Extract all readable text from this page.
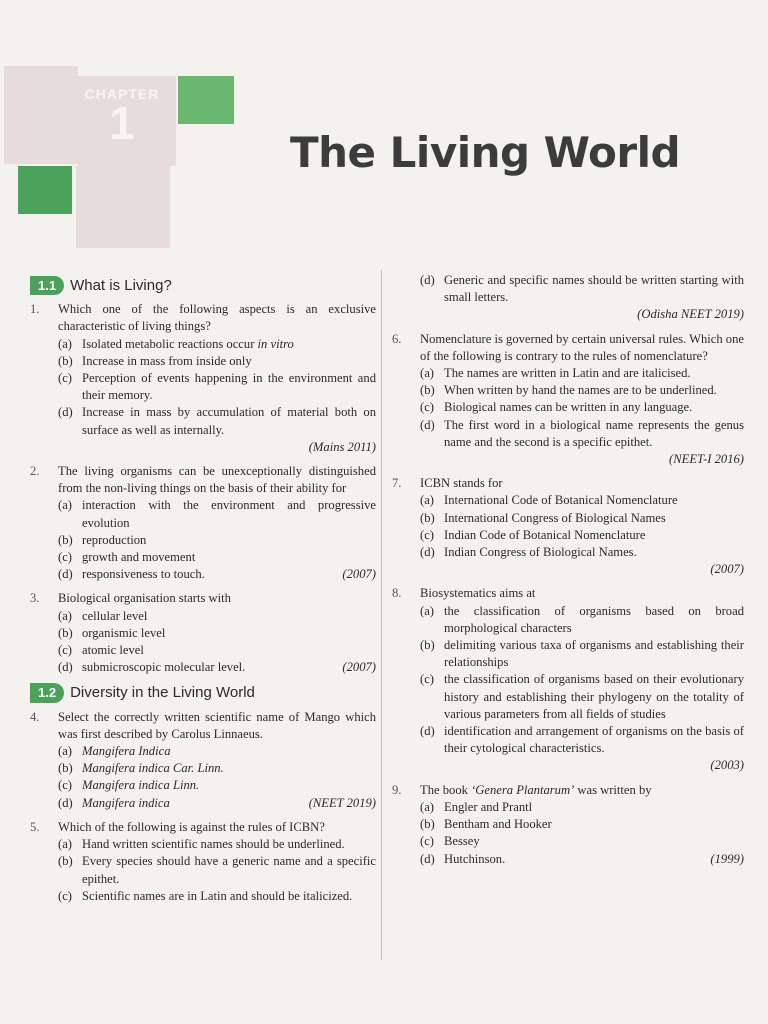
CHAPTER
1
The Living World
1.1 What is Living?
1.	Which one of the following aspects is an exclusive characteristic of living things?
(a) Isolated metabolic reactions occur in vitro
(b) Increase in mass from inside only
(c) Perception of events happening in the environment and their memory.
(d) Increase in mass by accumulation of material both on surface as well as internally.
(Mains 2011)
2.	The living organisms can be unexceptionally distinguished from the non-living things on the basis of their ability for
(a) interaction with the environment and progressive evolution
(b) reproduction
(c) growth and movement
(d) responsiveness to touch.	(2007)
3.	Biological organisation starts with
(a) cellular level
(b) organismic level
(c) atomic level
(d) submicroscopic molecular level.	(2007)
1.2 Diversity in the Living World
4.	Select the correctly written scientific name of Mango which was first described by Carolus Linnaeus.
(a) Mangifera Indica
(b) Mangifera indica Car. Linn.
(c) Mangifera indica Linn.
(d) Mangifera indica	(NEET 2019)
5.	Which of the following is against the rules of ICBN?
(a) Hand written scientific names should be underlined.
(b) Every species should have a generic name and a specific epithet.
(c) Scientific names are in Latin and should be italicized.
(d) Generic and specific names should be written starting with small letters.
(Odisha NEET 2019)
6.	Nomenclature is governed by certain universal rules. Which one of the following is contrary to the rules of nomenclature?
(a) The names are written in Latin and are italicised.
(b) When written by hand the names are to be underlined.
(c) Biological names can be written in any language.
(d) The first word in a biological name represents the genus name and the second is a specific epithet.
(NEET-I 2016)
7.	ICBN stands for
(a) International Code of Botanical Nomenclature
(b) International Congress of Biological Names
(c) Indian Code of Botanical Nomenclature
(d) Indian Congress of Biological Names.
(2007)
8.	Biosystematics aims at
(a) the classification of organisms based on broad morphological characters
(b) delimiting various taxa of organisms and establishing their relationships
(c) the classification of organisms based on their evolutionary history and establishing their phylogeny on the totality of various parameters from all fields of studies
(d) identification and arrangement of organisms on the basis of their cytological characteristics.
(2003)
9.	The book ‘Genera Plantarum’ was written by
(a) Engler and Prantl
(b) Bentham and Hooker
(c) Bessey
(d) Hutchinson.	(1999)
